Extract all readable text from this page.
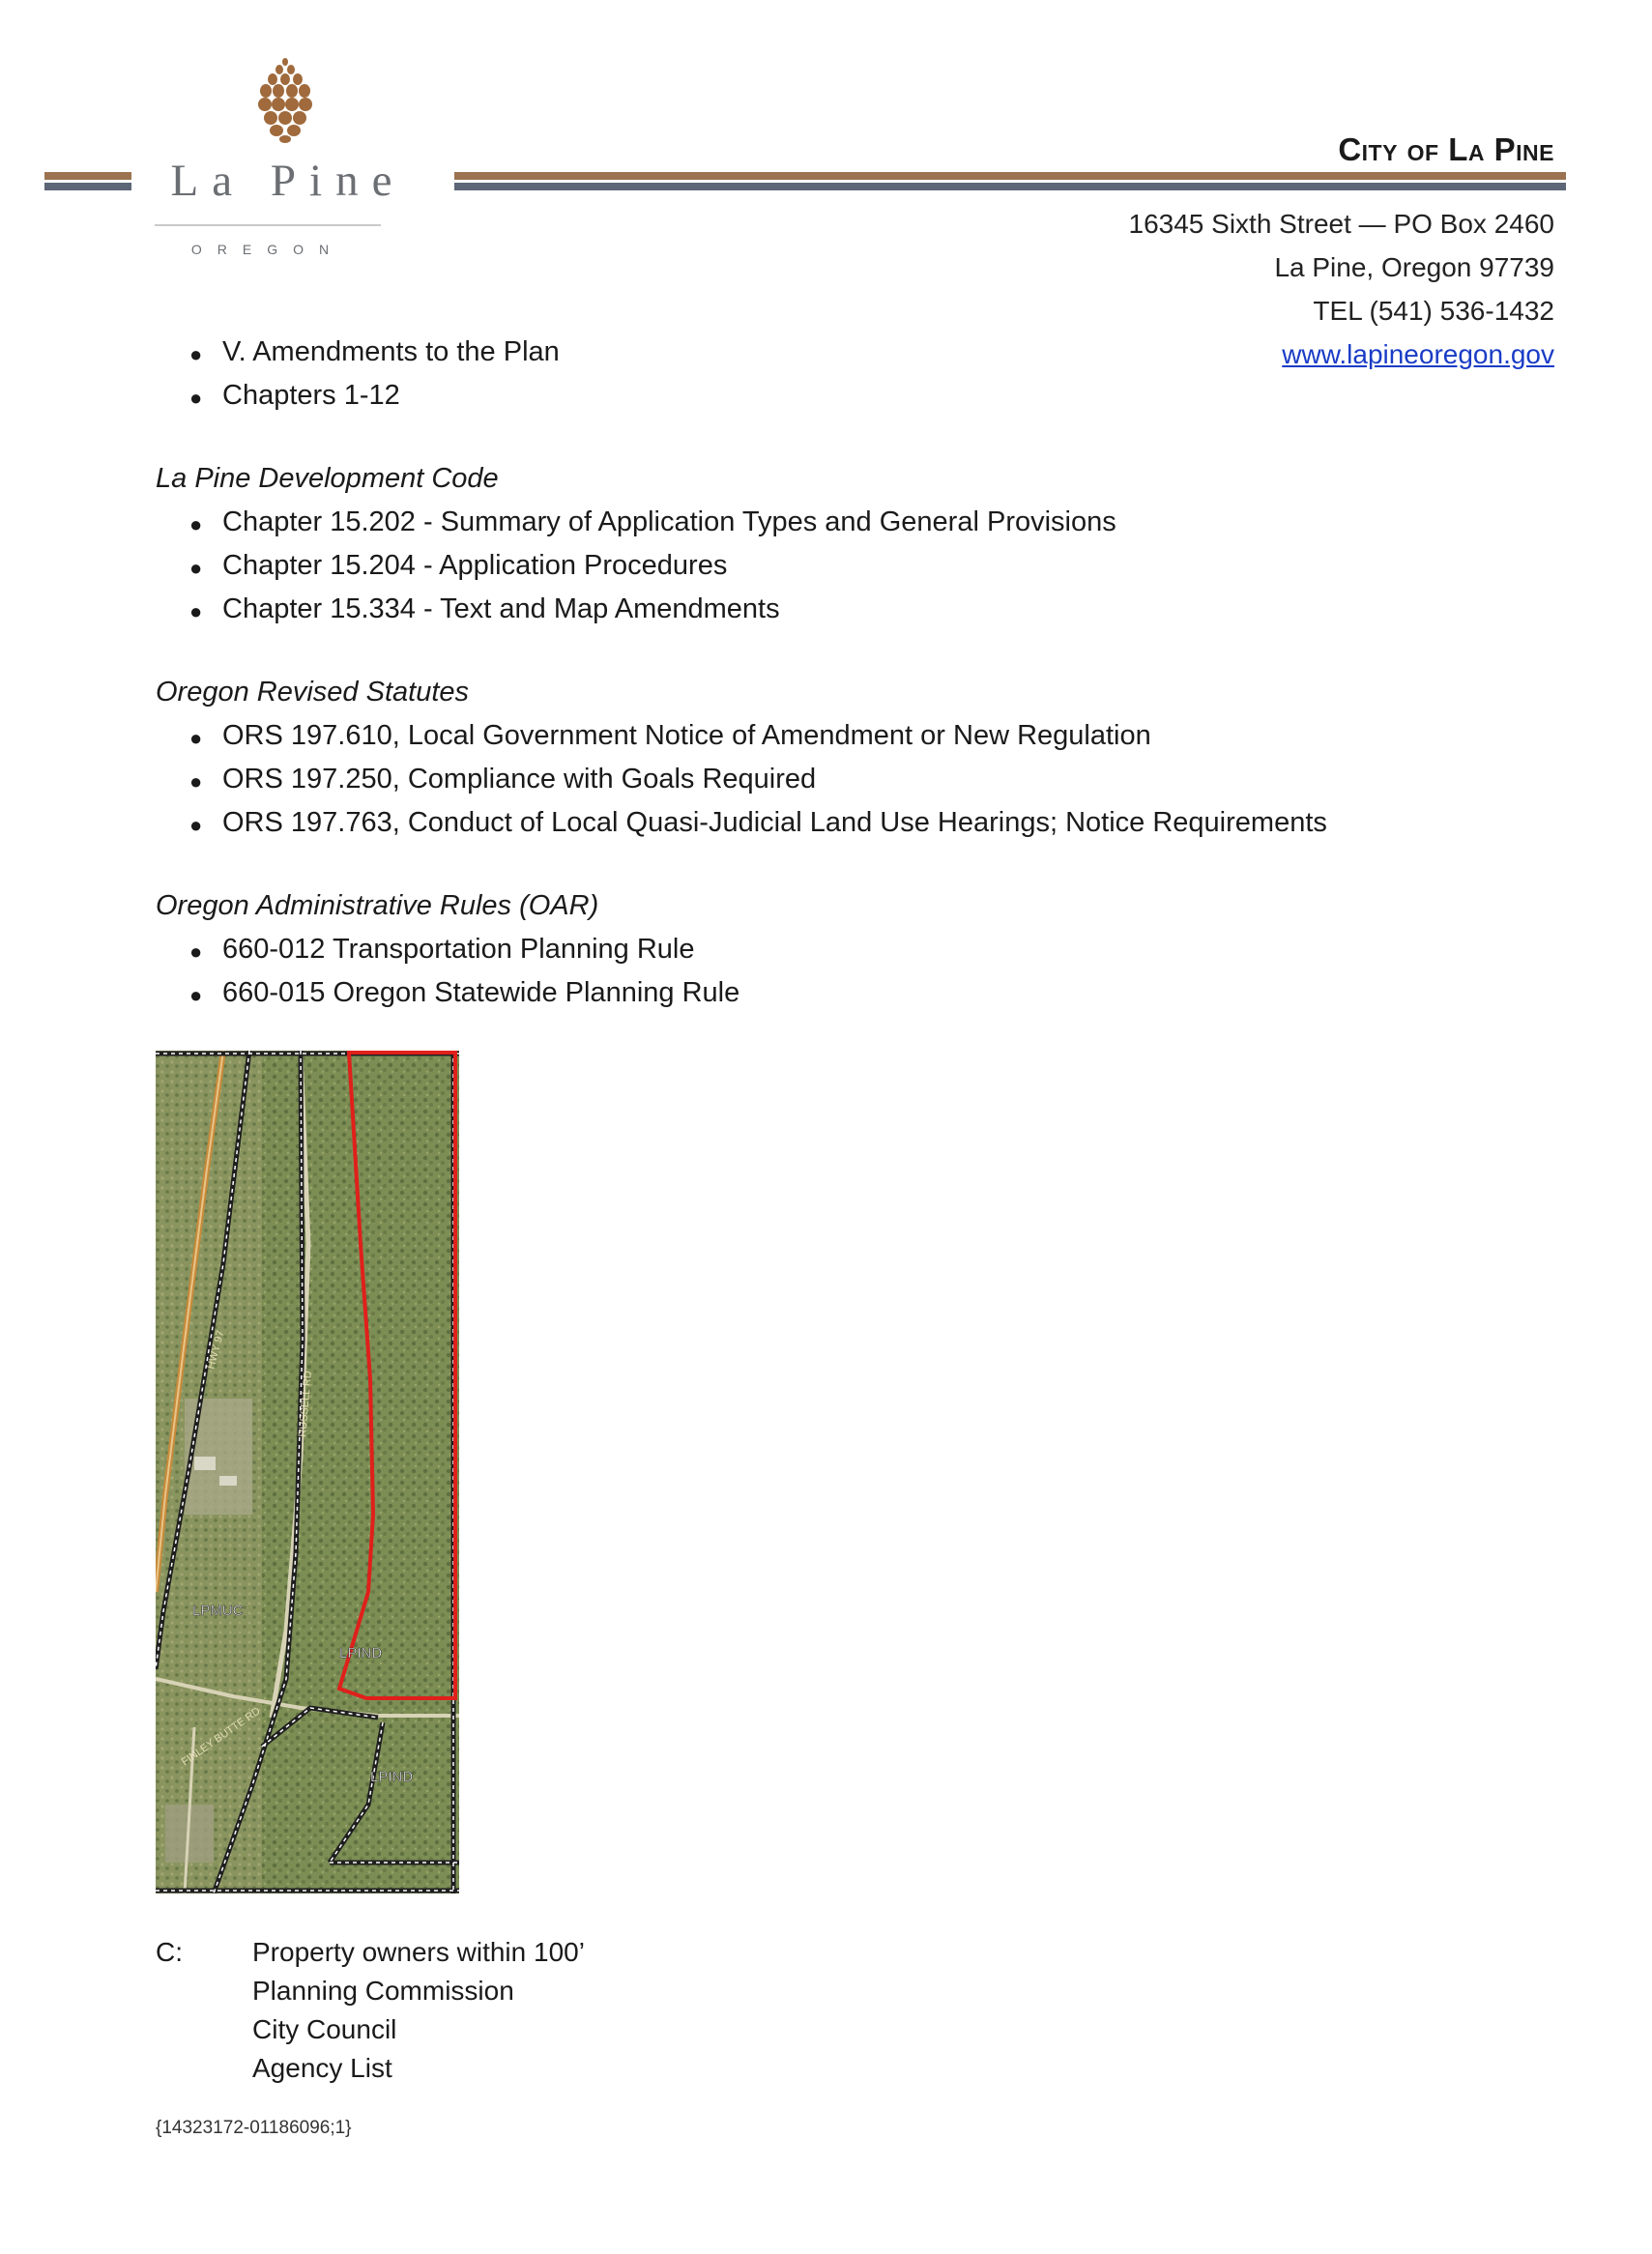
La Pine
OREGON
City of La Pine
16345 Sixth Street — PO Box 2460
La Pine, Oregon 97739
TEL (541) 536-1432
www.lapineoregon.gov
● V. Amendments to the Plan
● Chapters 1-12
La Pine Development Code
● Chapter 15.202 - Summary of Application Types and General Provisions
● Chapter 15.204 - Application Procedures
● Chapter 15.334 - Text and Map Amendments
Oregon Revised Statutes
● ORS 197.610, Local Government Notice of Amendment or New Regulation
● ORS 197.250, Compliance with Goals Required
● ORS 197.763, Conduct of Local Quasi-Judicial Land Use Hearings; Notice Requirements
Oregon Administrative Rules (OAR)
● 660-012 Transportation Planning Rule
● 660-015 Oregon Statewide Planning Rule
LPMUC
LPIND
LPIND
HWY 97
RUSSELL RD
FINLEY BUTTE RD
C:	Property owners within 100’
Planning Commission
City Council
Agency List
{14323172-01186096;1}
